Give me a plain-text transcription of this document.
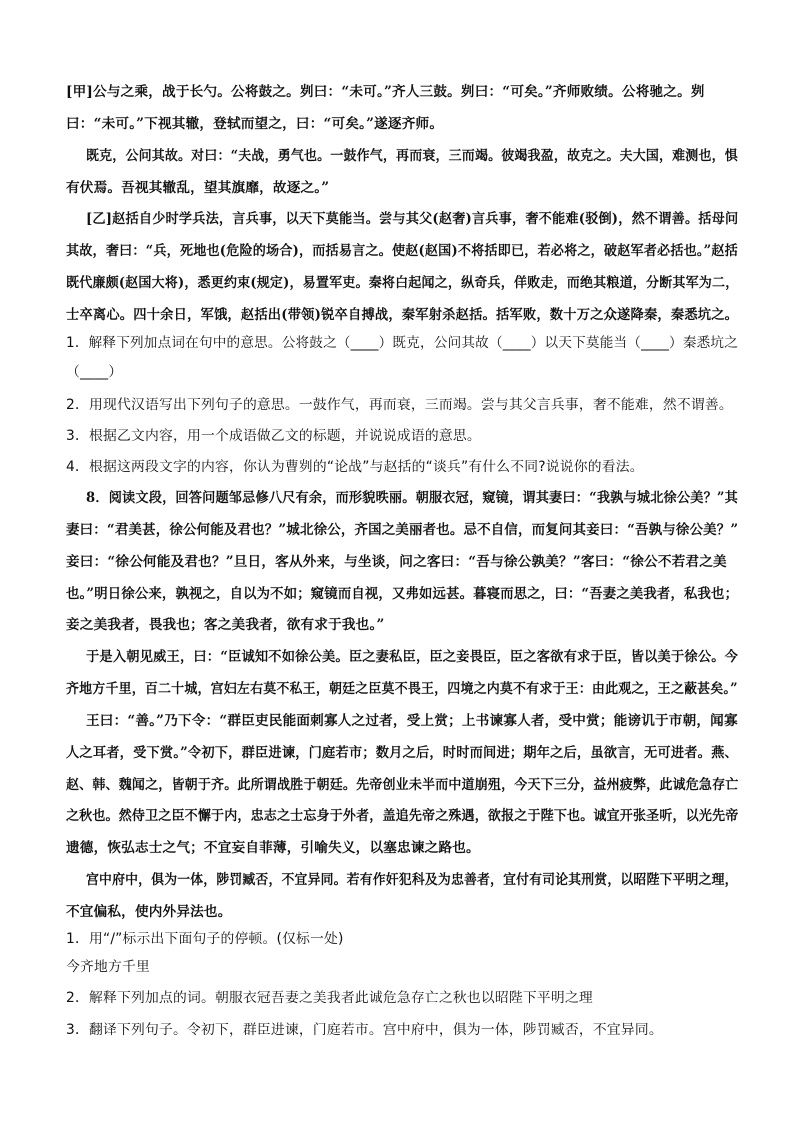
[甲]公与之乘，战于长勺。公将鼓之。刿曰：“未可。”齐人三鼓。刿曰：“可矣。”齐师败绩。公将驰之。刿
曰：“未可。”下视其辙，登轼而望之，曰：“可矣。”遂逐齐师。
既克，公问其故。对曰：“夫战，勇气也。一鼓作气，再而衰，三而竭。彼竭我盈，故克之。夫大国，难测也，惧
有伏焉。吾视其辙乱，望其旗靡，故逐之。”
[乙]赵括自少时学兵法，言兵事，以天下莫能当。尝与其父(赵奢)言兵事，奢不能难(驳倒)，然不谓善。括母问
其故，奢曰：“兵，死地也(危险的场合)，而括易言之。使赵(赵国)不将括即已，若必将之，破赵军者必括也。”赵括
既代廉颇(赵国大将)，悉更约束(规定)，易置军吏。秦将白起闻之，纵奇兵，佯败走，而绝其粮道，分断其军为二，
士卒离心。四十余日，军饿，赵括出(带领)锐卒自搏战，秦军射杀赵括。括军败，数十万之众遂降秦，秦悉坑之。
1．解释下列加点词在句中的意思。公将鼓之（____）既克，公问其故（____）以天下莫能当（____）秦悉坑之
（____）
2．用现代汉语写出下列句子的意思。一鼓作气，再而衰，三而竭。尝与其父言兵事，奢不能难，然不谓善。
3．根据乙文内容，用一个成语做乙文的标题，并说说成语的意思。
4．根据这两段文字的内容，你认为曹刿的“论战”与赵括的“谈兵”有什么不同?说说你的看法。
8．阅读文段，回答问题邹忌修八尺有余，而形貌昳丽。朝服衣冠，窥镜，谓其妻曰：“我孰与城北徐公美？”其
妻曰：“君美甚，徐公何能及君也？”城北徐公，齐国之美丽者也。忌不自信，而复问其妾曰：“吾孰与徐公美？”
妾曰：“徐公何能及君也？”旦日，客从外来，与坐谈，问之客曰：“吾与徐公孰美？”客曰：“徐公不若君之美
也。”明日徐公来，孰视之，自以为不如；窥镜而自视，又弗如远甚。暮寝而思之，曰：“吾妻之美我者，私我也；
妾之美我者，畏我也；客之美我者，欲有求于我也。”
于是入朝见威王，曰：“臣诚知不如徐公美。臣之妻私臣，臣之妾畏臣，臣之客欲有求于臣，皆以美于徐公。今
齐地方千里，百二十城，宫妇左右莫不私王，朝廷之臣莫不畏王，四境之内莫不有求于王：由此观之，王之蔽甚矣。”
王曰：“善。”乃下令：“群臣吏民能面刺寡人之过者，受上赏；上书谏寡人者，受中赏；能谤讥于市朝，闻寡
人之耳者，受下赏。”令初下，群臣进谏，门庭若市；数月之后，时时而间进；期年之后，虽欲言，无可进者。燕、
赵、韩、魏闻之，皆朝于齐。此所谓战胜于朝廷。先帝创业未半而中道崩殂，今天下三分，益州疲弊，此诚危急存亡
之秋也。然侍卫之臣不懈于内，忠志之士忘身于外者，盖追先帝之殊遇，欲报之于陛下也。诚宜开张圣听，以光先帝
遗德，恢弘志士之气；不宜妄自菲薄，引喻失义，以塞忠谏之路也。
宫中府中，俱为一体，陟罚臧否，不宜异同。若有作奸犯科及为忠善者，宜付有司论其刑赏，以昭陛下平明之理，
不宜偏私，使内外异法也。
1．用“/”标示出下面句子的停顿。(仅标一处)
今齐地方千里
2．解释下列加点的词。朝服衣冠吾妻之美我者此诚危急存亡之秋也以昭陛下平明之理
3．翻译下列句子。令初下，群臣进谏，门庭若市。宫中府中，俱为一体，陟罚臧否，不宜异同。
